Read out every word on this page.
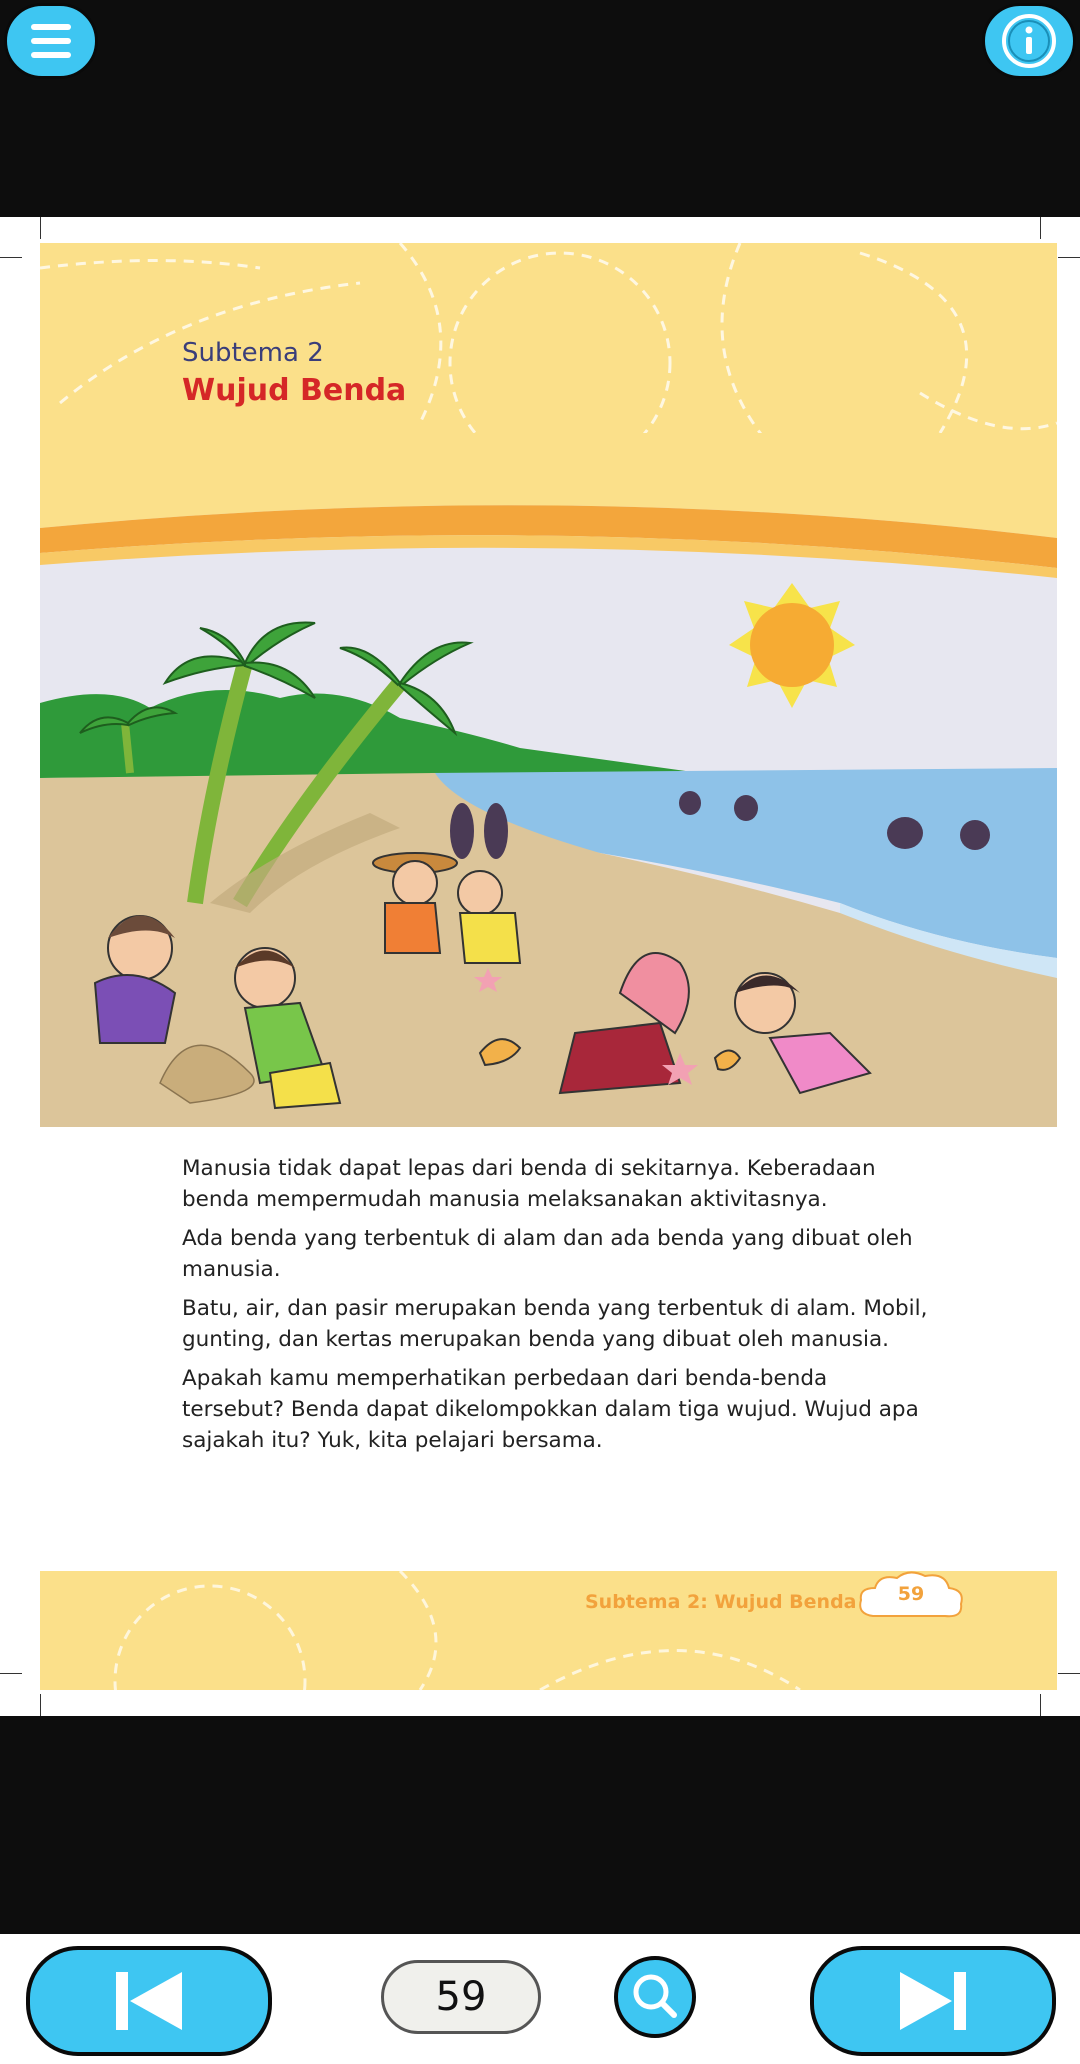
Subtema 2
Wujud Benda

Manusia tidak dapat lepas dari benda di sekitarnya. Keberadaan benda mempermudah manusia melaksanakan aktivitasnya.

Ada benda yang terbentuk di alam dan ada benda yang dibuat oleh manusia.

Batu, air, dan pasir merupakan benda yang terbentuk di alam. Mobil, gunting, dan kertas merupakan benda yang dibuat oleh manusia.

Apakah kamu memperhatikan perbedaan dari benda-benda tersebut? Benda dapat dikelompokkan dalam tiga wujud. Wujud apa sajakah itu? Yuk, kita pelajari bersama.

Subtema 2: Wujud Benda	59
59
